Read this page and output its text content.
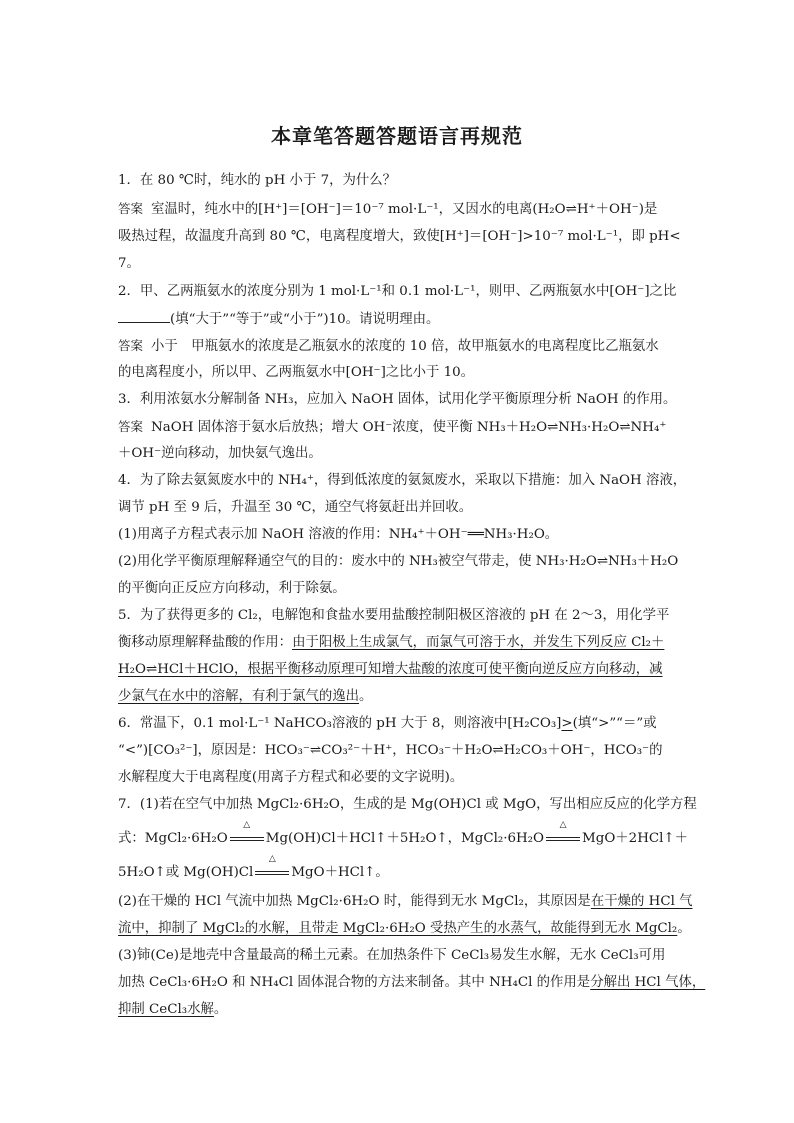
本章笔答题答题语言再规范
1．在 80 ℃时，纯水的 pH 小于 7，为什么？
答案 室温时，纯水中的[H⁺]＝[OH⁻]＝10⁻⁷ mol·L⁻¹，又因水的电离(H₂O⇌H⁺＋OH⁻)是
吸热过程，故温度升高到 80 ℃，电离程度增大，致使[H⁺]＝[OH⁻]>10⁻⁷ mol·L⁻¹，即 pH<
7。
2．甲、乙两瓶氨水的浓度分别为 1 mol·L⁻¹和 0.1 mol·L⁻¹，则甲、乙两瓶氨水中[OH⁻]之比
(填“大于”“等于”或“小于”)10。请说明理由。
答案 小于　甲瓶氨水的浓度是乙瓶氨水的浓度的 10 倍，故甲瓶氨水的电离程度比乙瓶氨水
的电离程度小，所以甲、乙两瓶氨水中[OH⁻]之比小于 10。
3．利用浓氨水分解制备 NH₃，应加入 NaOH 固体，试用化学平衡原理分析 NaOH 的作用。
答案 NaOH 固体溶于氨水后放热；增大 OH⁻浓度，使平衡 NH₃＋H₂O⇌NH₃·H₂O⇌NH₄⁺
＋OH⁻逆向移动，加快氨气逸出。
4．为了除去氨氮废水中的 NH₄⁺，得到低浓度的氨氮废水，采取以下措施：加入 NaOH 溶液，
调节 pH 至 9 后，升温至 30 ℃，通空气将氨赶出并回收。
(1)用离子方程式表示加 NaOH 溶液的作用：NH₄⁺＋OH⁻══NH₃·H₂O。
(2)用化学平衡原理解释通空气的目的：废水中的 NH₃被空气带走，使 NH₃·H₂O⇌NH₃＋H₂O
的平衡向正反应方向移动，利于除氨。
5．为了获得更多的 Cl₂，电解饱和食盐水要用盐酸控制阳极区溶液的 pH 在 2～3，用化学平
衡移动原理解释盐酸的作用：由于阳极上生成氯气，而氯气可溶于水，并发生下列反应 Cl₂＋
H₂O⇌HCl＋HClO，根据平衡移动原理可知增大盐酸的浓度可使平衡向逆反应方向移动，减
少氯气在水中的溶解，有利于氯气的逸出。
6．常温下，0.1 mol·L⁻¹ NaHCO₃溶液的 pH 大于 8，则溶液中[H₂CO₃]>(填“>”“＝”或
“<”)[CO₃²⁻]，原因是：HCO₃⁻⇌CO₃²⁻＋H⁺，HCO₃⁻＋H₂O⇌H₂CO₃＋OH⁻，HCO₃⁻的
水解程度大于电离程度(用离子方程式和必要的文字说明)。
7．(1)若在空气中加热 MgCl₂·6H₂O，生成的是 Mg(OH)Cl 或 MgO，写出相应反应的化学方程
式：MgCl₂·6H₂O
△
Mg(OH)Cl＋HCl↑＋5H₂O↑，MgCl₂·6H₂O
△
MgO＋2HCl↑＋
5H₂O↑或 Mg(OH)Cl
△
MgO＋HCl↑。
(2)在干燥的 HCl 气流中加热 MgCl₂·6H₂O 时，能得到无水 MgCl₂，其原因是在干燥的 HCl 气
流中，抑制了 MgCl₂的水解，且带走 MgCl₂·6H₂O 受热产生的水蒸气，故能得到无水 MgCl₂。
(3)铈(Ce)是地壳中含量最高的稀土元素。在加热条件下 CeCl₃易发生水解，无水 CeCl₃可用
加热 CeCl₃·6H₂O 和 NH₄Cl 固体混合物的方法来制备。其中 NH₄Cl 的作用是分解出 HCl 气体，
抑制 CeCl₃水解。
